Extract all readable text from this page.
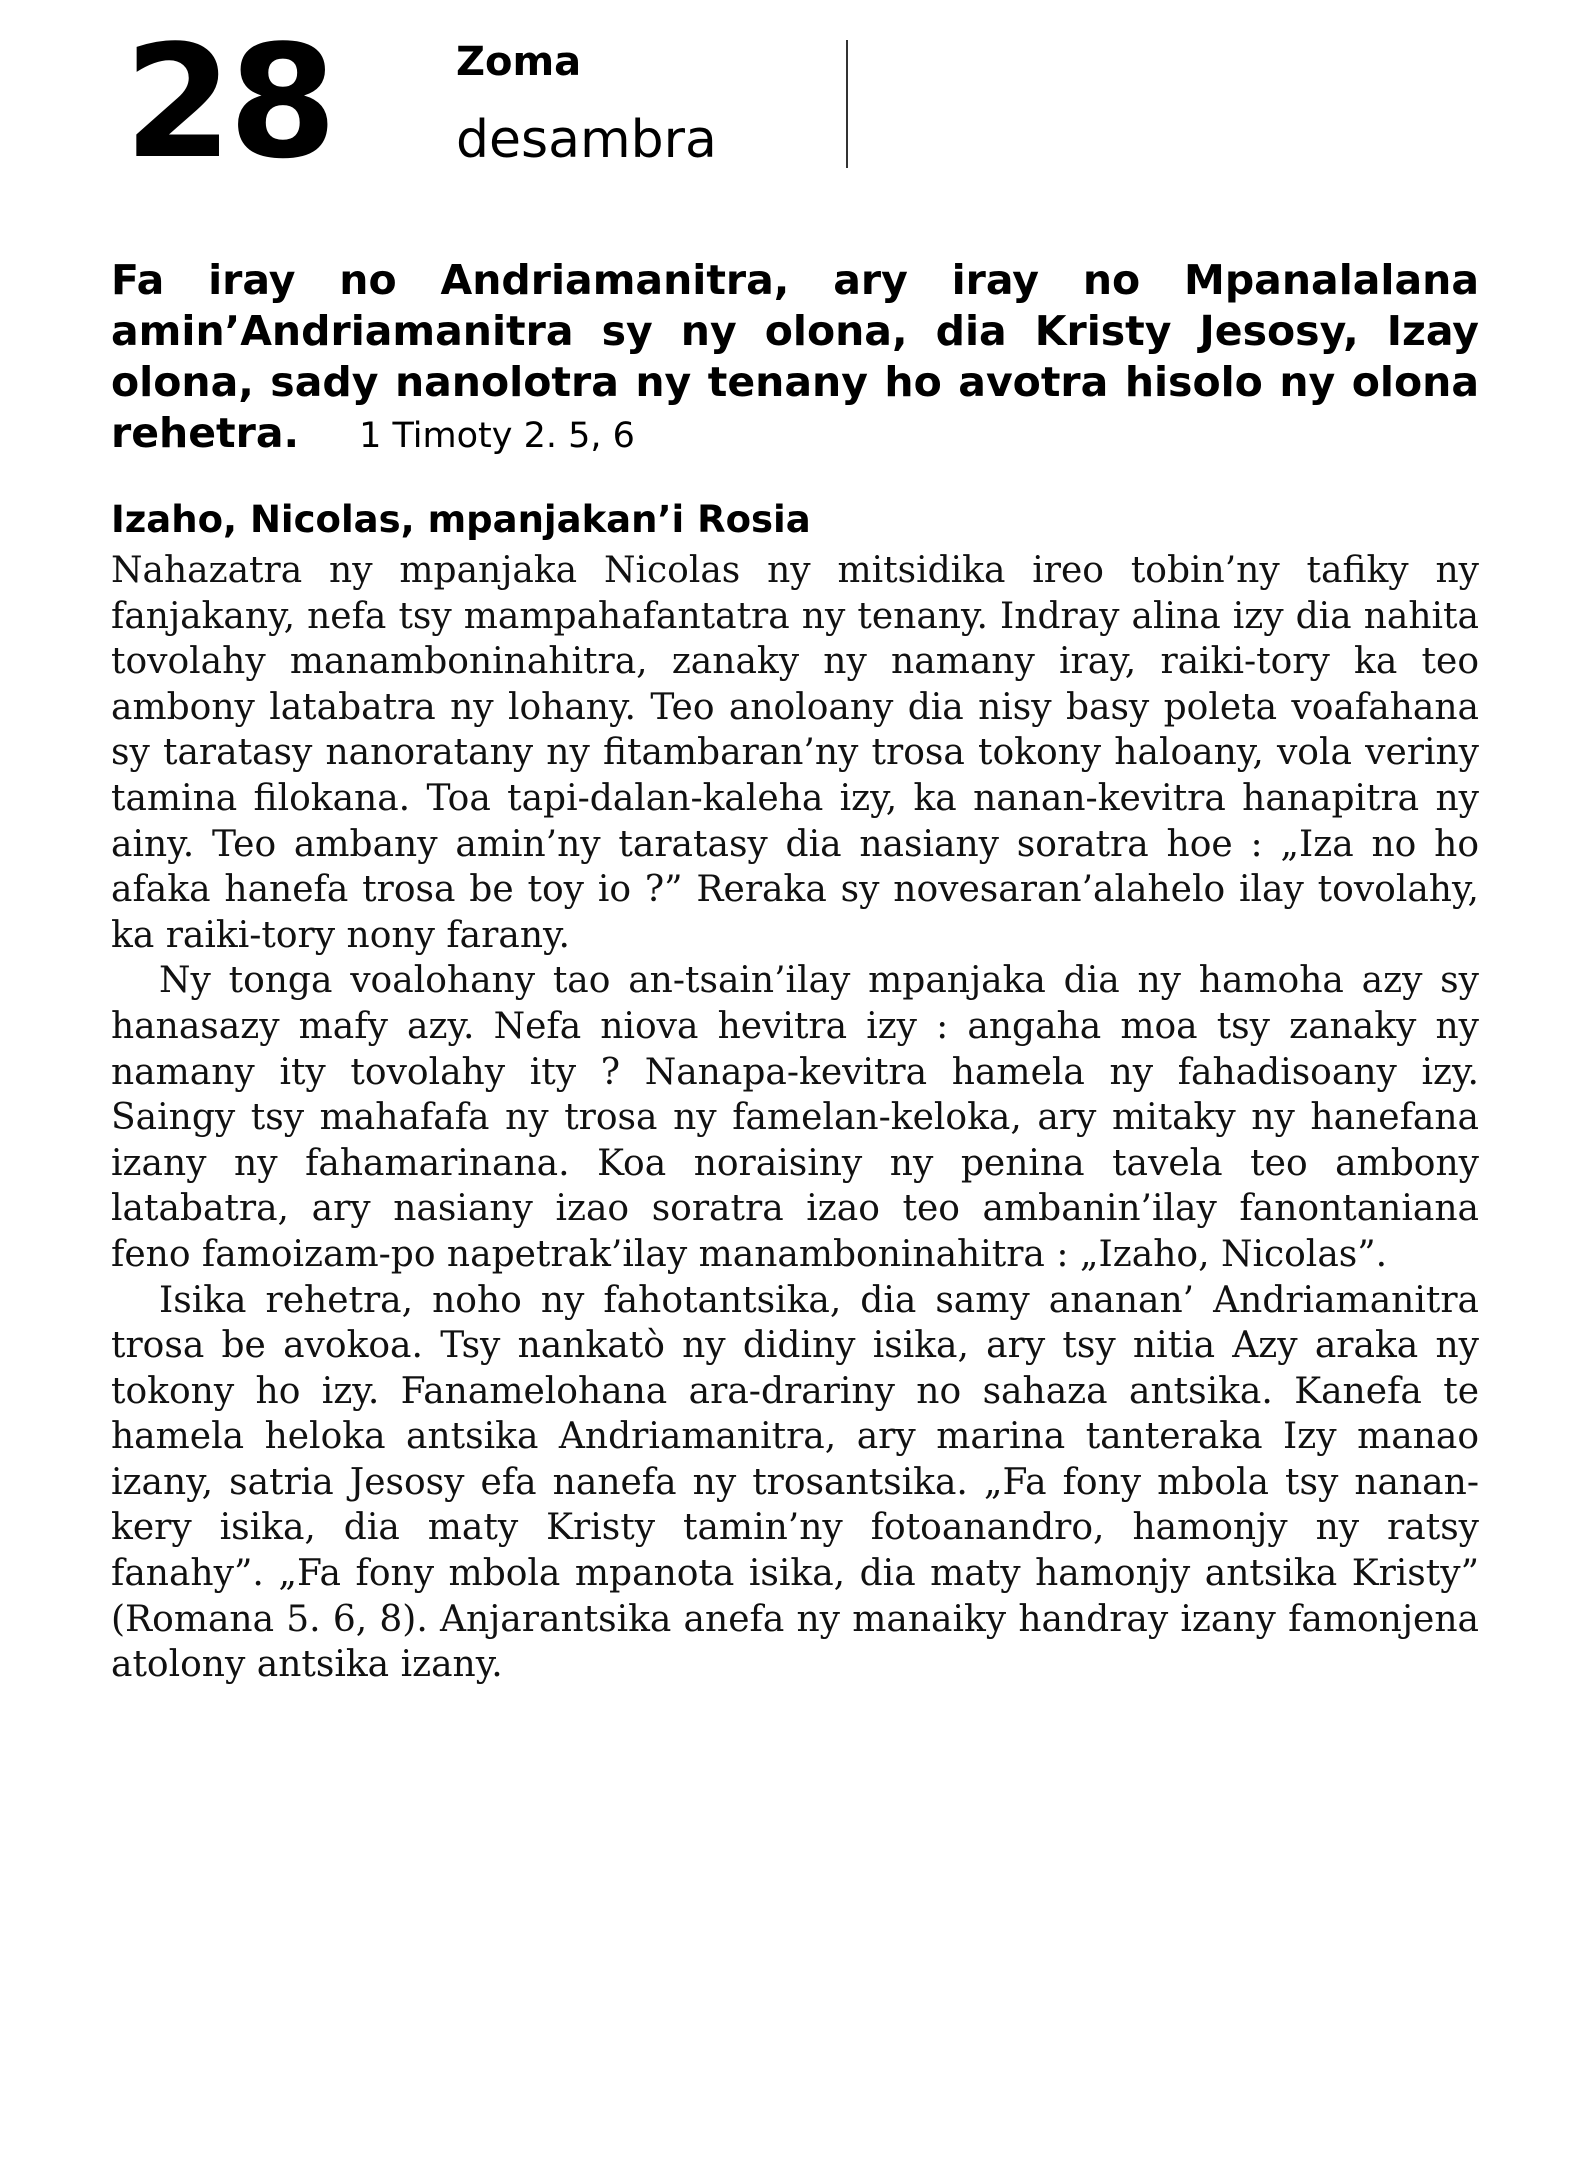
28	Zoma
desambra
Fa iray no Andriamanitra, ary iray no Mpanalalana amin’Andriamanitra sy ny olona, dia Kristy Jesosy, Izay olona, sady nanolotra ny tenany ho avotra hisolo ny olona rehetra. 1 Timoty 2. 5, 6
Izaho, Nicolas, mpanjakan’i Rosia

Nahazatra ny mpanjaka Nicolas ny mitsidika ireo tobin’ny tafiky ny fanjakany, nefa tsy mampahafantatra ny tenany. Indray alina izy dia nahita tovolahy manamboninahitra, zanaky ny namany iray, raiki-tory ka teo ambony latabatra ny lohany. Teo anoloany dia nisy basy poleta voafahana sy taratasy nanoratany ny fitambaran’ny trosa tokony haloany, vola veriny tamina filokana. Toa tapi-dalan-kaleha izy, ka nanan-kevitra hanapitra ny ainy. Teo ambany amin’ny taratasy dia nasiany soratra hoe : „Iza no ho afaka hanefa trosa be toy io ?” Reraka sy novesaran’alahelo ilay tovolahy, ka raiki-tory nony farany.

Ny tonga voalohany tao an-tsain’ilay mpanjaka dia ny hamoha azy sy hanasazy mafy azy. Nefa niova hevitra izy : angaha moa tsy zanaky ny namany ity tovolahy ity ? Nanapa-kevitra hamela ny fahadisoany izy. Saingy tsy mahafafa ny trosa ny famelan-keloka, ary mitaky ny hanefana izany ny fahamarinana. Koa noraisiny ny penina tavela teo ambony latabatra, ary nasiany izao soratra izao teo ambanin’ilay fanontaniana feno famoizam-po napetrak’ilay manamboninahitra : „Izaho, Nicolas”.

Isika rehetra, noho ny fahotantsika, dia samy ananan’ Andriamanitra trosa be avokoa. Tsy nankatò ny didiny isika, ary tsy nitia Azy araka ny tokony ho izy. Fanamelohana ara-drariny no sahaza antsika. Kanefa te hamela heloka antsika Andriamanitra, ary marina tanteraka Izy manao izany, satria Jesosy efa nanefa ny trosantsika. „Fa fony mbola tsy nanan-kery isika, dia maty Kristy tamin’ny fotoanandro, hamonjy ny ratsy fanahy”. „Fa fony mbola mpanota isika, dia maty hamonjy antsika Kristy” (Romana 5. 6, 8). Anjarantsika anefa ny manaiky handray izany famonjena atolony antsika izany.
